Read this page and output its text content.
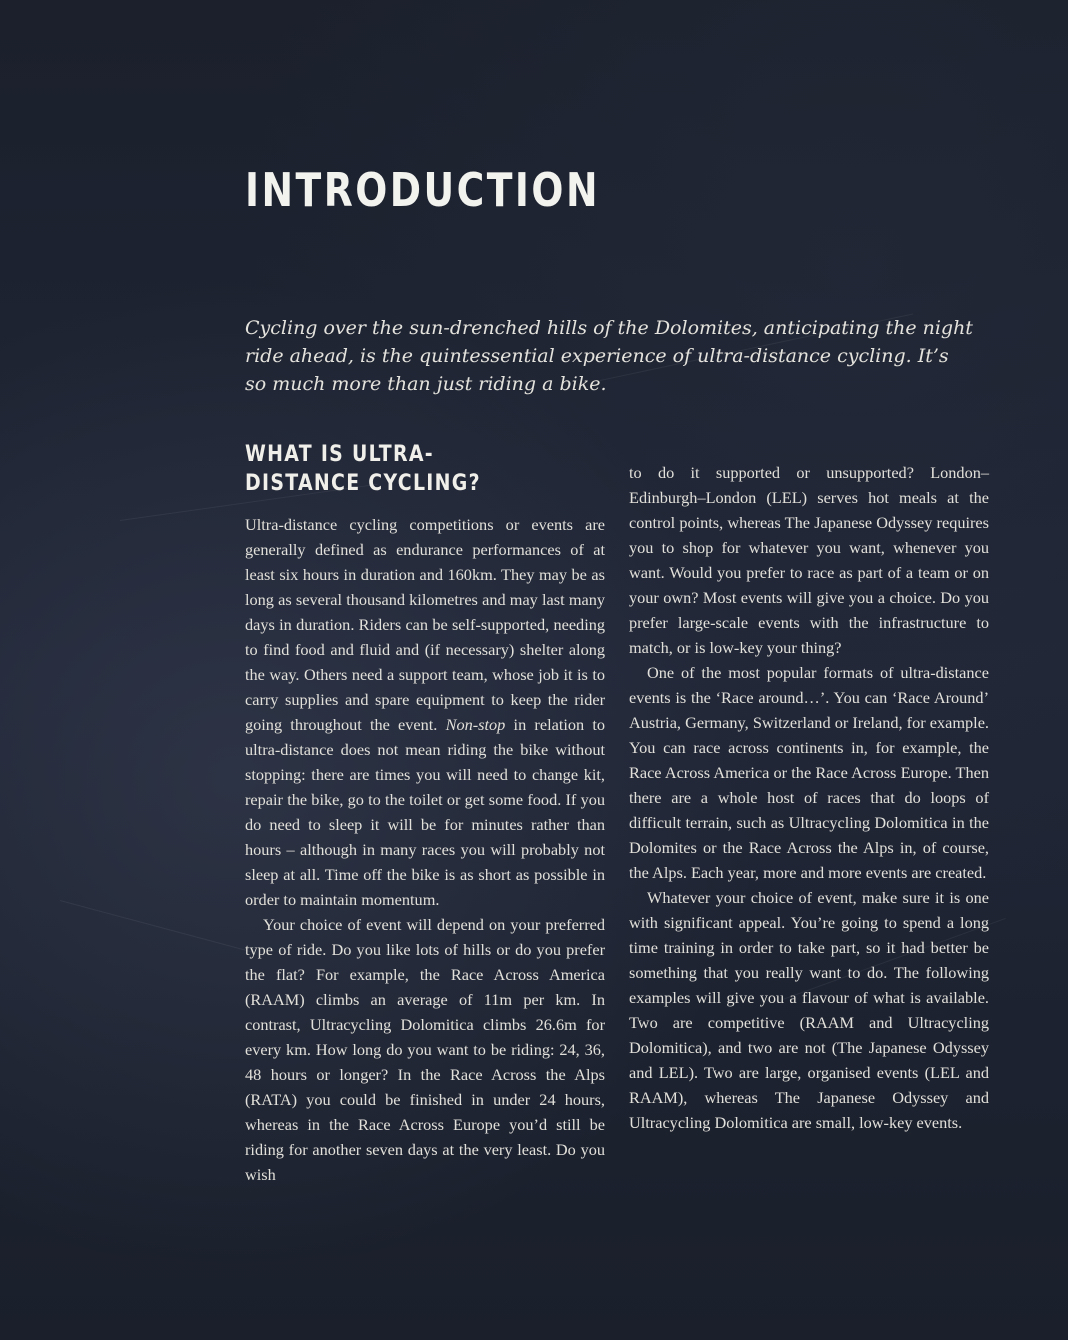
INTRODUCTION

Cycling over the sun-drenched hills of the Dolomites, anticipating the night ride ahead, is the quintessential experience of ultra-distance cycling. It’s so much more than just riding a bike.

WHAT IS ULTRA-DISTANCE CYCLING?

Ultra-distance cycling competitions or events are generally defined as endurance performances of at least six hours in duration and 160km. They may be as long as several thousand kilometres and may last many days in duration. Riders can be self-supported, needing to find food and fluid and (if necessary) shelter along the way. Others need a support team, whose job it is to carry supplies and spare equipment to keep the rider going throughout the event. Non-stop in relation to ultra-distance does not mean riding the bike without stopping: there are times you will need to change kit, repair the bike, go to the toilet or get some food. If you do need to sleep it will be for minutes rather than hours – although in many races you will probably not sleep at all. Time off the bike is as short as possible in order to maintain momentum.

Your choice of event will depend on your preferred type of ride. Do you like lots of hills or do you prefer the flat? For example, the Race Across America (RAAM) climbs an average of 11m per km. In contrast, Ultracycling Dolomitica climbs 26.6m for every km. How long do you want to be riding: 24, 36, 48 hours or longer? In the Race Across the Alps (RATA) you could be finished in under 24 hours, whereas in the Race Across Europe you’d still be riding for another seven days at the very least. Do you wish

to do it supported or unsupported? London–Edinburgh–London (LEL) serves hot meals at the control points, whereas The Japanese Odyssey requires you to shop for whatever you want, whenever you want. Would you prefer to race as part of a team or on your own? Most events will give you a choice. Do you prefer large-scale events with the infrastructure to match, or is low-key your thing?

One of the most popular formats of ultra-distance events is the ‘Race around…’. You can ‘Race Around’ Austria, Germany, Switzerland or Ireland, for example. You can race across continents in, for example, the Race Across America or the Race Across Europe. Then there are a whole host of races that do loops of difficult terrain, such as Ultracycling Dolomitica in the Dolomites or the Race Across the Alps in, of course, the Alps. Each year, more and more events are created.

Whatever your choice of event, make sure it is one with significant appeal. You’re going to spend a long time training in order to take part, so it had better be something that you really want to do. The following examples will give you a flavour of what is available. Two are competitive (RAAM and Ultracycling Dolomitica), and two are not (The Japanese Odyssey and LEL). Two are large, organised events (LEL and RAAM), whereas The Japanese Odyssey and Ultracycling Dolomitica are small, low-key events.
